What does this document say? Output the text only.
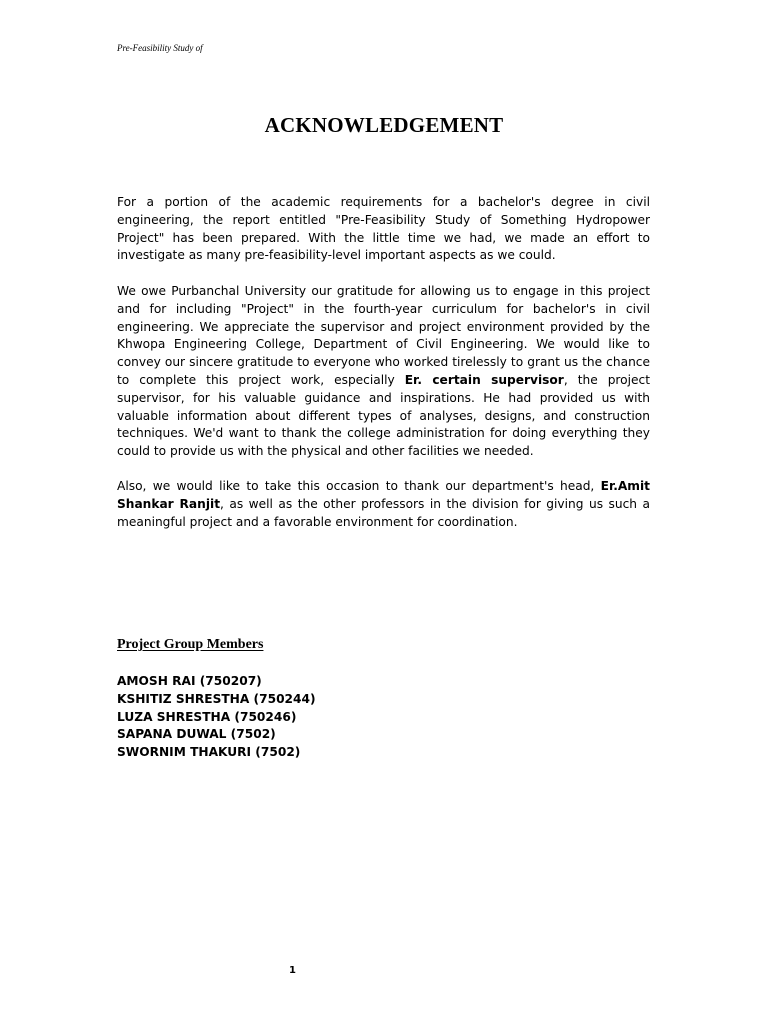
Pre-Feasibility Study of
ACKNOWLEDGEMENT

For a portion of the academic requirements for a bachelor's degree in civil engineering, the report entitled "Pre-Feasibility Study of Something Hydropower Project" has been prepared. With the little time we had, we made an effort to investigate as many pre-feasibility-level important aspects as we could.

We owe Purbanchal University our gratitude for allowing us to engage in this project and for including "Project" in the fourth-year curriculum for bachelor's in civil engineering. We appreciate the supervisor and project environment provided by the Khwopa Engineering College, Department of Civil Engineering. We would like to convey our sincere gratitude to everyone who worked tirelessly to grant us the chance to complete this project work, especially Er. certain supervisor, the project supervisor, for his valuable guidance and inspirations. He had provided us with valuable information about different types of analyses, designs, and construction techniques. We'd want to thank the college administration for doing everything they could to provide us with the physical and other facilities we needed.

Also, we would like to take this occasion to thank our department's head, Er.Amit Shankar Ranjit, as well as the other professors in the division for giving us such a meaningful project and a favorable environment for coordination.

Project Group Members
AMOSH RAI (750207)
KSHITIZ SHRESTHA (750244)
LUZA SHRESTHA (750246)
SAPANA DUWAL (7502)
SWORNIM THAKURI (7502)
1
